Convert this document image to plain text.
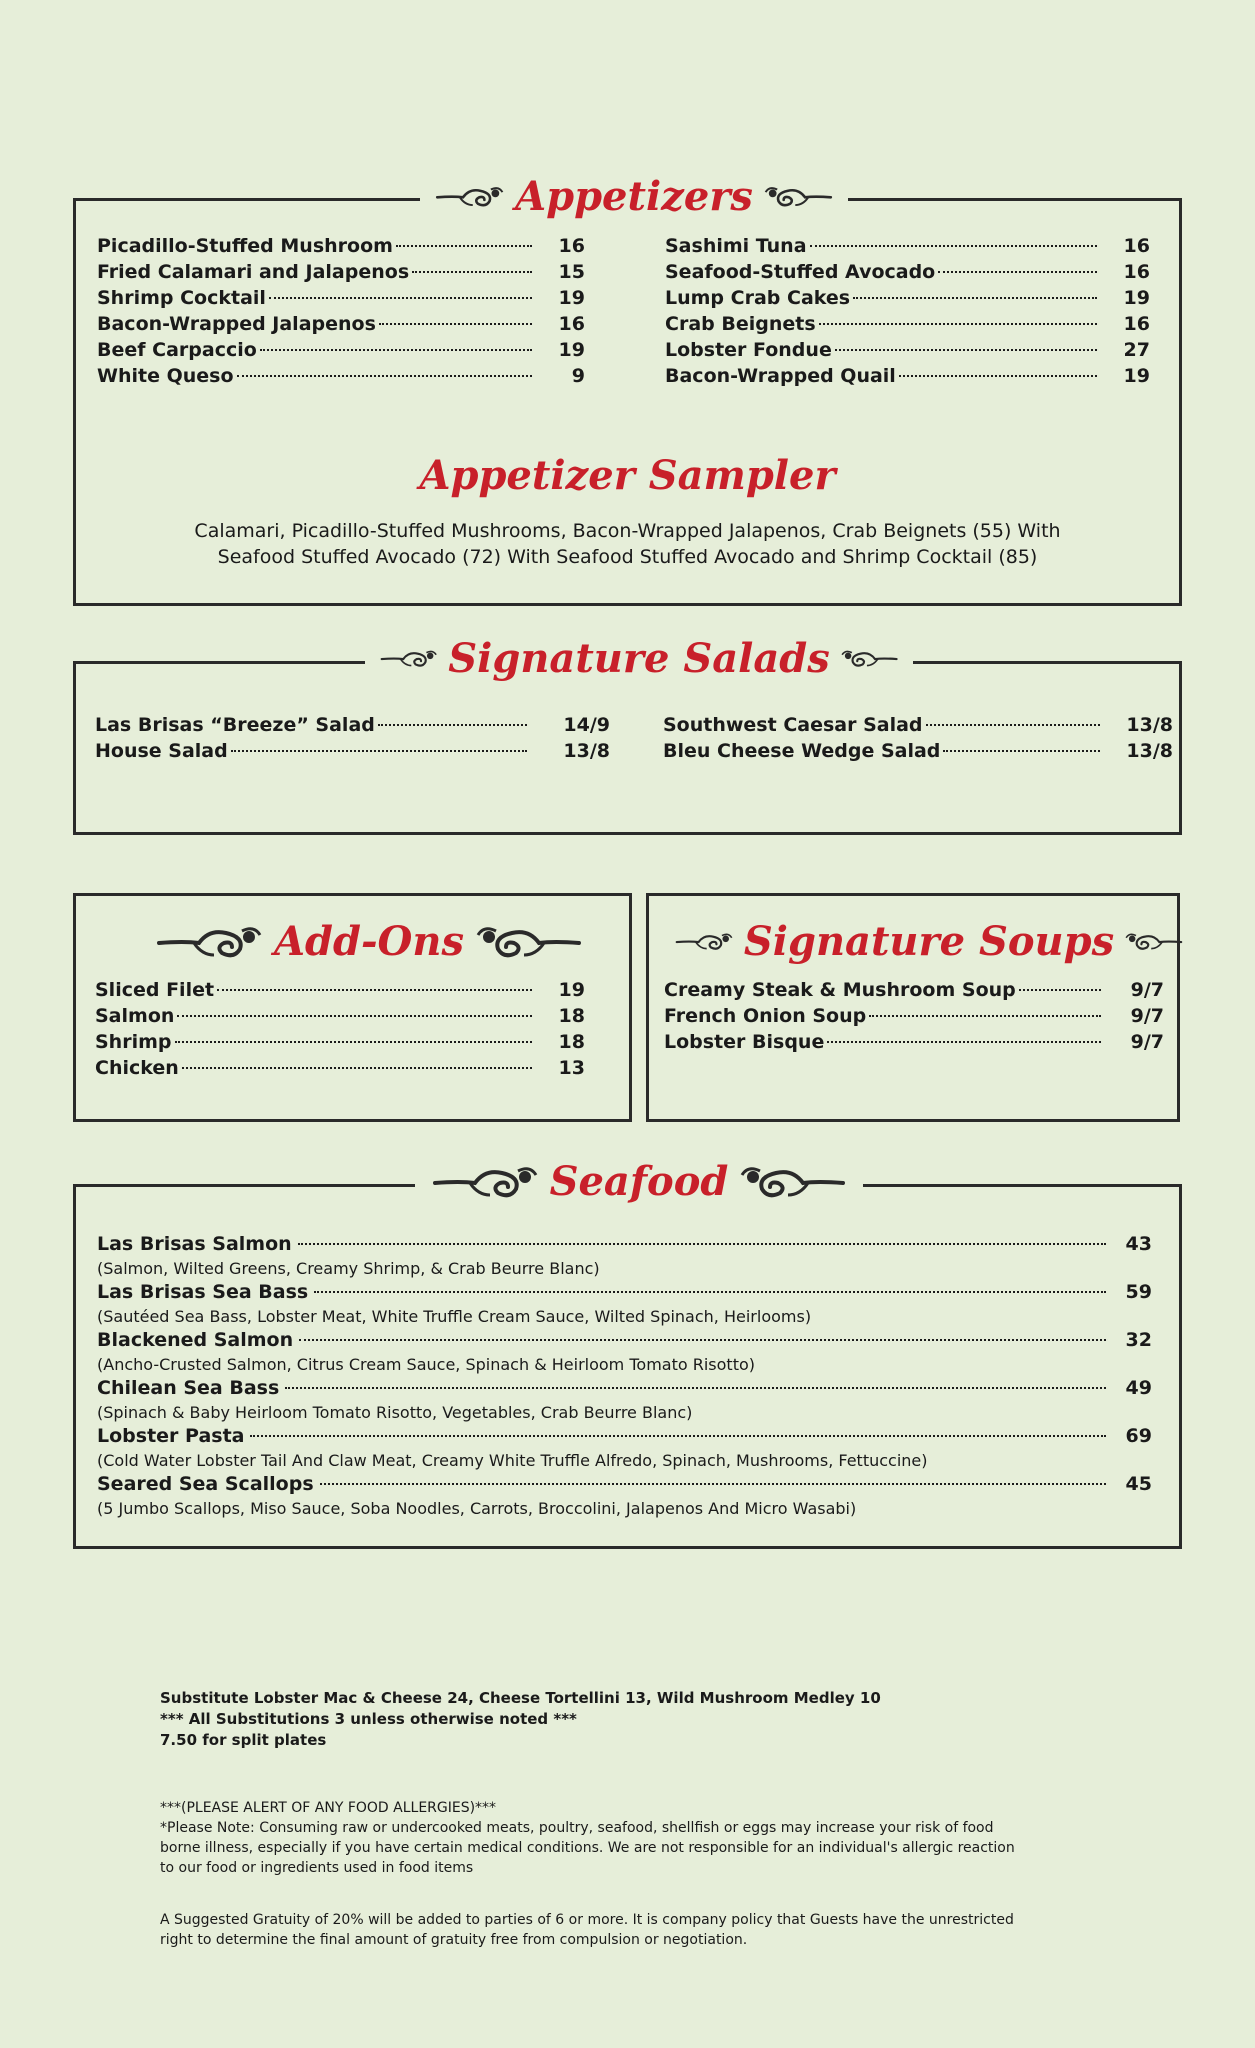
Appetizers
Picadillo-Stuffed Mushroom	16
Fried Calamari and Jalapenos	15
Shrimp Cocktail	19
Bacon-Wrapped Jalapenos	16
Beef Carpaccio	19
White Queso	9
Sashimi Tuna	16
Seafood-Stuffed Avocado	16
Lump Crab Cakes	19
Crab Beignets	16
Lobster Fondue	27
Bacon-Wrapped Quail	19
Appetizer Sampler
Calamari, Picadillo-Stuffed Mushrooms, Bacon-Wrapped Jalapenos, Crab Beignets (55) With
Seafood Stuffed Avocado (72) With Seafood Stuffed Avocado and Shrimp Cocktail (85)
Signature Salads
Las Brisas “Breeze” Salad	14/9
House Salad	13/8
Southwest Caesar Salad	13/8
Bleu Cheese Wedge Salad	13/8
Add-Ons
Sliced Filet	19
Salmon	18
Shrimp	18
Chicken	13
Signature Soups
Creamy Steak & Mushroom Soup	9/7
French Onion Soup	9/7
Lobster Bisque	9/7
Seafood
Las Brisas Salmon	43
(Salmon, Wilted Greens, Creamy Shrimp, & Crab Beurre Blanc)
Las Brisas Sea Bass	59
(Sautéed Sea Bass, Lobster Meat, White Truffle Cream Sauce, Wilted Spinach, Heirlooms)
Blackened Salmon	32
(Ancho-Crusted Salmon, Citrus Cream Sauce, Spinach & Heirloom Tomato Risotto)
Chilean Sea Bass	49
(Spinach & Baby Heirloom Tomato Risotto, Vegetables, Crab Beurre Blanc)
Lobster Pasta	69
(Cold Water Lobster Tail And Claw Meat, Creamy White Truffle Alfredo, Spinach, Mushrooms, Fettuccine)
Seared Sea Scallops	45
(5 Jumbo Scallops, Miso Sauce, Soba Noodles, Carrots, Broccolini, Jalapenos And Micro Wasabi)
Substitute Lobster Mac & Cheese 24, Cheese Tortellini 13, Wild Mushroom Medley 10
*** All Substitutions 3 unless otherwise noted ***
7.50 for split plates
***(PLEASE ALERT OF ANY FOOD ALLERGIES)***
*Please Note: Consuming raw or undercooked meats, poultry, seafood, shellfish or eggs may increase your risk of food
borne illness, especially if you have certain medical conditions. We are not responsible for an individual's allergic reaction
to our food or ingredients used in food items
A Suggested Gratuity of 20% will be added to parties of 6 or more. It is company policy that Guests have the unrestricted
right to determine the final amount of gratuity free from compulsion or negotiation.
